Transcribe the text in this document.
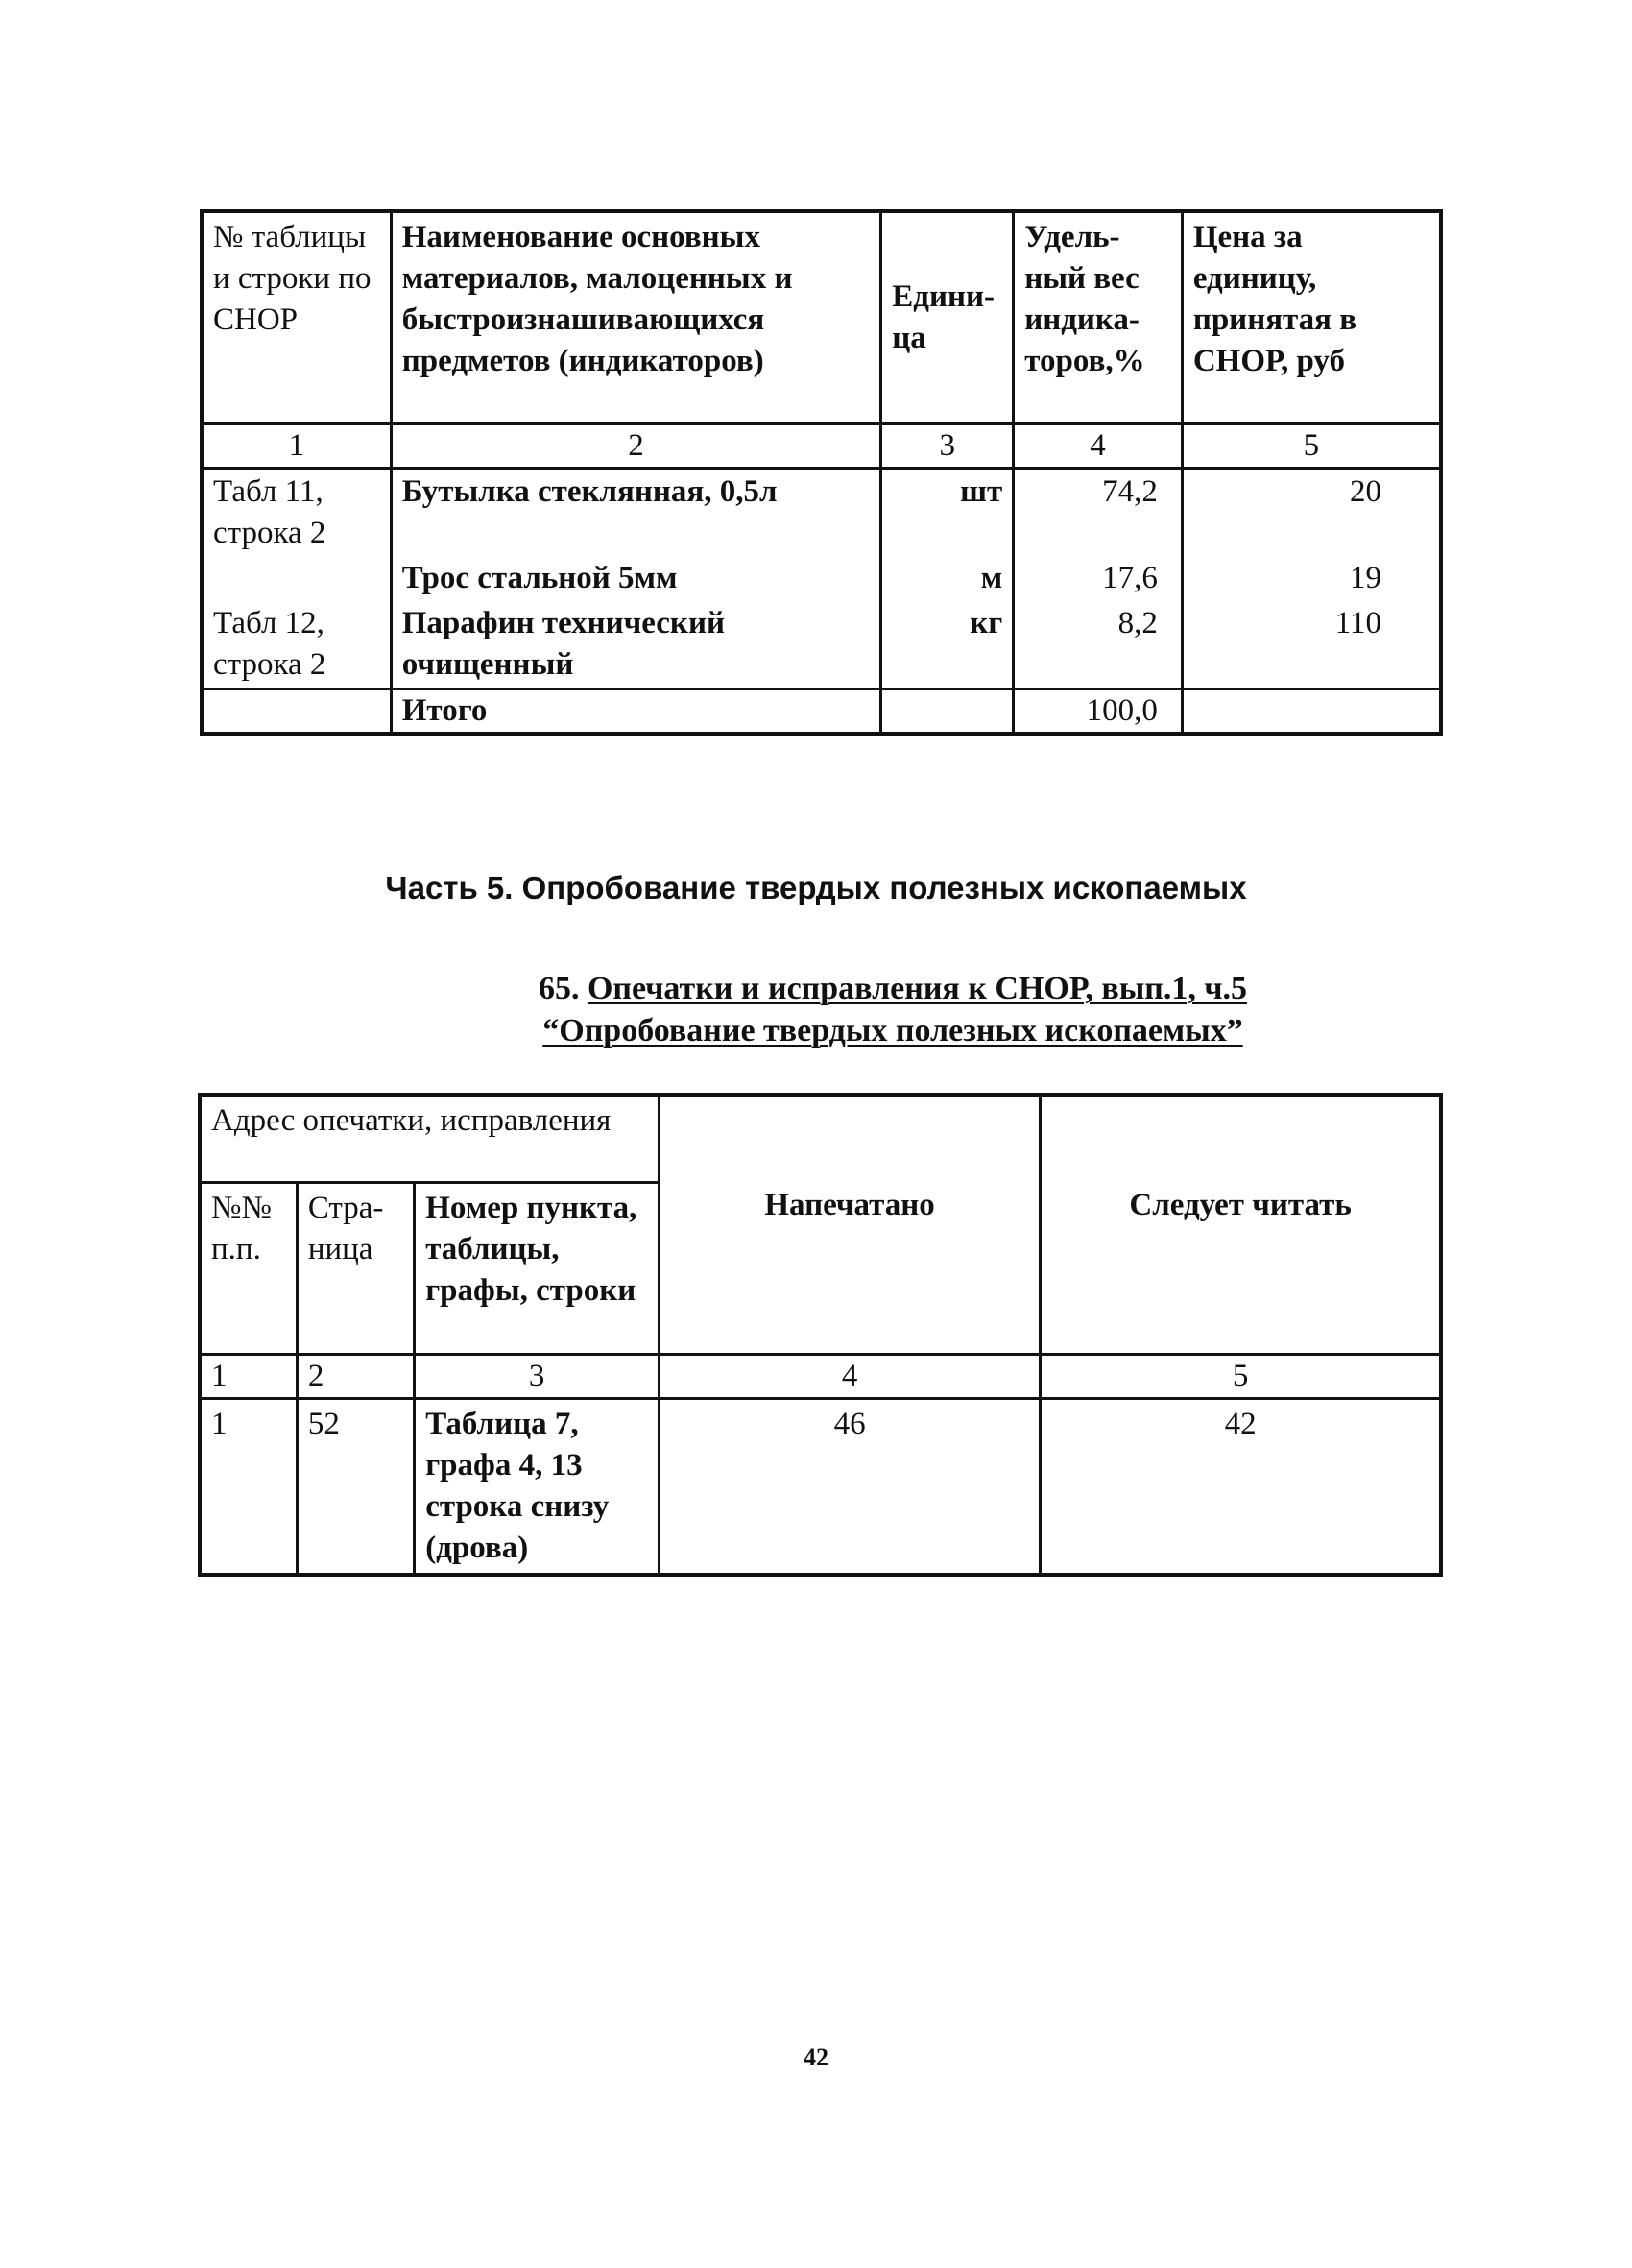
№ таблицы и строки по СНОР	Наименование основных материалов, малоценных и быстроизнашивающихся предметов (индикаторов)	Едини-ца	Удель-ный вес индика-торов,%	Цена за единицу, принятая в СНОР, руб
1	2	3	4	5
Табл 11, строка 2	Бутылка стеклянная, 0,5л	шт	74,2	20
	Трос стальной 5мм	м	17,6	19
Табл 12, строка 2	Парафин технический очищенный	кг	8,2	110
	Итого		100,0	
Часть 5. Опробование твердых полезных ископаемых
65. Опечатки и исправления к СНОР, вып.1, ч.5
“Опробование твердых полезных ископаемых”
Адрес опечатки, исправления			Напечатано	Следует читать
№№ п.п.	Стра-ница	Номер пункта, таблицы, графы, строки		
1	2	3	4	5
1	52	Таблица 7, графа 4, 13 строка снизу (дрова)	46	42
42
